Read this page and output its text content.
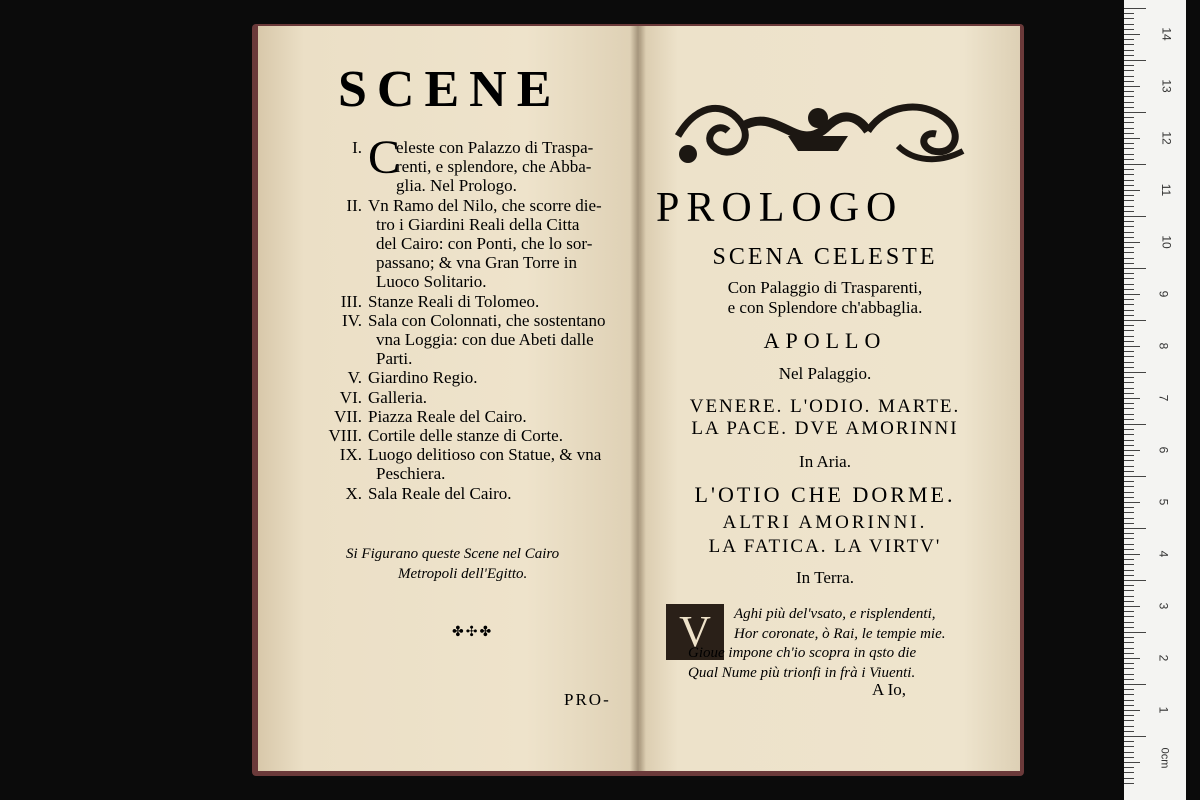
SCENE
C
I. eleste con Palazzo di Traspa-
renti, e splendore, che Abba-
glia. Nel Prologo.
II. Vn Ramo del Nilo, che scorre die-
tro i Giardini Reali della Citta
del Cairo: con Ponti, che lo sor-
passano; & vna Gran Torre in
Luoco Solitario.
III. Stanze Reali di Tolomeo.
IV. Sala con Colonnati, che sostentano
vna Loggia: con due Abeti dalle
Parti.
V. Giardino Regio.
VI. Galleria.
VII. Piazza Reale del Cairo.
VIII. Cortile delle stanze di Corte.
IX. Luogo delitioso con Statue, & vna
Peschiera.
X. Sala Reale del Cairo.
Si Figurano queste Scene nel Cairo
Metropoli dell'Egitto.
✤✣✤
PRO-
PROLOGO
SCENA CELESTE
Con Palaggio di Trasparenti,
e con Splendore ch'abbaglia.
APOLLO
Nel Palaggio.
VENERE. L'ODIO. MARTE.
LA PACE. DVE AMORINNI
In Aria.
L'OTIO CHE DORME.
ALTRI AMORINNI.
LA FATICA. LA VIRTV'
In Terra.
V	Aghi più del'vsato, e risplendenti,
Hor coronate, ò Rai, le tempie mie.
Gioue impone ch'io scopra in qsto die
Qual Nume più trionfi in frà i Viuenti.
A Io,
14
13
12
11
10
9
8
7
6
5
4
3
2
1
0cm
